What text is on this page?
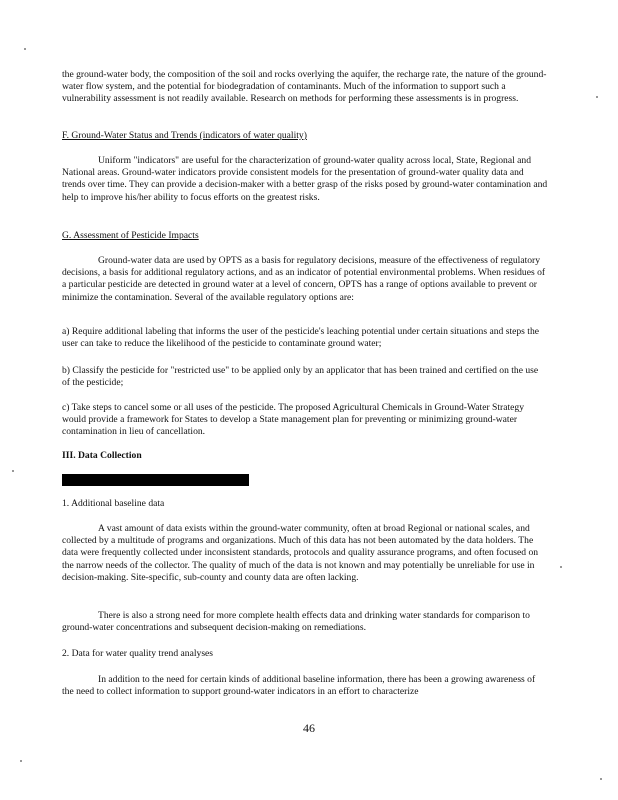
the ground-water body, the composition of the soil and rocks overlying the aquifer, the recharge rate, the nature of the ground-water flow system, and the potential for biodegradation of contaminants. Much of the information to support such a vulnerability assessment is not readily available. Research on methods for performing these assessments is in progress.

F. Ground-Water Status and Trends (indicators of water quality)

Uniform "indicators" are useful for the characterization of ground-water quality across local, State, Regional and National areas. Ground-water indicators provide consistent models for the presentation of ground-water quality data and trends over time. They can provide a decision-maker with a better grasp of the risks posed by ground-water contamination and help to improve his/her ability to focus efforts on the greatest risks.

G. Assessment of Pesticide Impacts

Ground-water data are used by OPTS as a basis for regulatory decisions, measure of the effectiveness of regulatory decisions, a basis for additional regulatory actions, and as an indicator of potential environmental problems. When residues of a particular pesticide are detected in ground water at a level of concern, OPTS has a range of options available to prevent or minimize the contamination. Several of the available regulatory options are:

a) Require additional labeling that informs the user of the pesticide's leaching potential under certain situations and steps the user can take to reduce the likelihood of the pesticide to contaminate ground water;

b) Classify the pesticide for "restricted use" to be applied only by an applicator that has been trained and certified on the use of the pesticide;

c) Take steps to cancel some or all uses of the pesticide. The proposed Agricultural Chemicals in Ground-Water Strategy would provide a framework for States to develop a State management plan for preventing or minimizing ground-water contamination in lieu of cancellation.

III. Data Collection

1. Additional baseline data

A vast amount of data exists within the ground-water community, often at broad Regional or national scales, and collected by a multitude of programs and organizations. Much of this data has not been automated by the data holders. The data were frequently collected under inconsistent standards, protocols and quality assurance programs, and often focused on the narrow needs of the collector. The quality of much of the data is not known and may potentially be unreliable for use in decision-making. Site-specific, sub-county and county data are often lacking.

There is also a strong need for more complete health effects data and drinking water standards for comparison to ground-water concentrations and subsequent decision-making on remediations.

2. Data for water quality trend analyses

In addition to the need for certain kinds of additional baseline information, there has been a growing awareness of the need to collect information to support ground-water indicators in an effort to characterize

46
